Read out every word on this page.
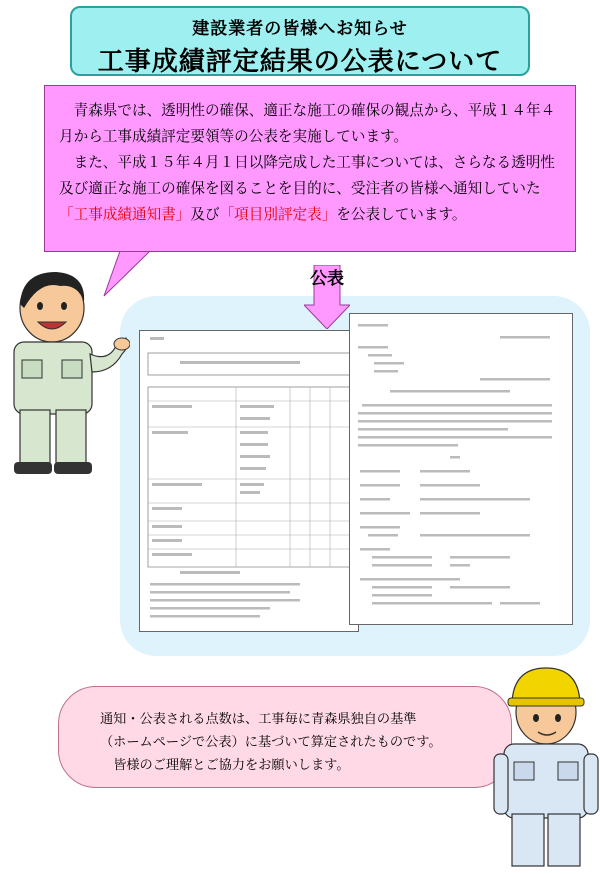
建設業者の皆様へお知らせ
工事成績評定結果の公表について

青森県では、透明性の確保、適正な施工の確保の観点から、平成１４年４月から工事成績評定要領等の公表を実施しています。

また、平成１５年４月１日以降完成した工事については、さらなる透明性及び適正な施工の確保を図ることを目的に、受注者の皆様へ通知していた「工事成績通知書」及び「項目別評定表」を公表しています。

公表

通知・公表される点数は、工事毎に青森県独自の基準

（ホームページで公表）に基づいて算定されたものです。

皆様のご理解とご協力をお願いします。
